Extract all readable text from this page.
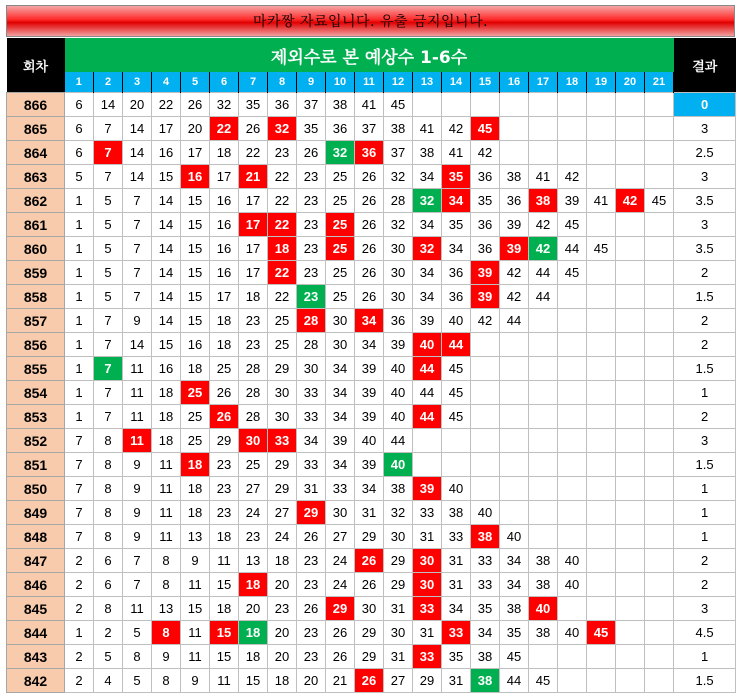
마카짱 자료입니다. 유출 금지입니다.
회차	제외수로 본 예상수 1-6수																					결과
	1	2	3	4	5	6	7	8	9	10	11	12	13	14	15	16	17	18	19	20	21	
866	6	14	20	22	26	32	35	36	37	38	41	45										0
865	6	7	14	17	20	22	26	32	35	36	37	38	41	42	45							3
864	6	7	14	16	17	18	22	23	26	32	36	37	38	41	42							2.5
863	5	7	14	15	16	17	21	22	23	25	26	32	34	35	36	38	41	42				3
862	1	5	7	14	15	16	17	22	23	25	26	28	32	34	35	36	38	39	41	42	45	3.5
861	1	5	7	14	15	16	17	22	23	25	26	32	34	35	36	39	42	45				3
860	1	5	7	14	15	16	17	18	23	25	26	30	32	34	36	39	42	44	45			3.5
859	1	5	7	14	15	16	17	22	23	25	26	30	34	36	39	42	44	45				2
858	1	5	7	14	15	17	18	22	23	25	26	30	34	36	39	42	44					1.5
857	1	7	9	14	15	18	23	25	28	30	34	36	39	40	42	44						2
856	1	7	14	15	16	18	23	25	28	30	34	39	40	44								2
855	1	7	11	16	18	25	28	29	30	34	39	40	44	45								1.5
854	1	7	11	18	25	26	28	30	33	34	39	40	44	45								1
853	1	7	11	18	25	26	28	30	33	34	39	40	44	45								2
852	7	8	11	18	25	29	30	33	34	39	40	44										3
851	7	8	9	11	18	23	25	29	33	34	39	40										1.5
850	7	8	9	11	18	23	27	29	31	33	34	38	39	40								1
849	7	8	9	11	18	23	24	27	29	30	31	32	33	38	40							1
848	7	8	9	11	13	18	23	24	26	27	29	30	31	33	38	40						1
847	2	6	7	8	9	11	13	18	23	24	26	29	30	31	33	34	38	40				2
846	2	6	7	8	11	15	18	20	23	24	26	29	30	31	33	34	38	40				2
845	2	8	11	13	15	18	20	23	26	29	30	31	33	34	35	38	40					3
844	1	2	5	8	11	15	18	20	23	26	29	30	31	33	34	35	38	40	45			4.5
843	2	5	8	9	11	15	18	20	23	26	29	31	33	35	38	45						1
842	2	4	5	8	9	11	15	18	20	21	26	27	29	31	38	44	45					1.5
